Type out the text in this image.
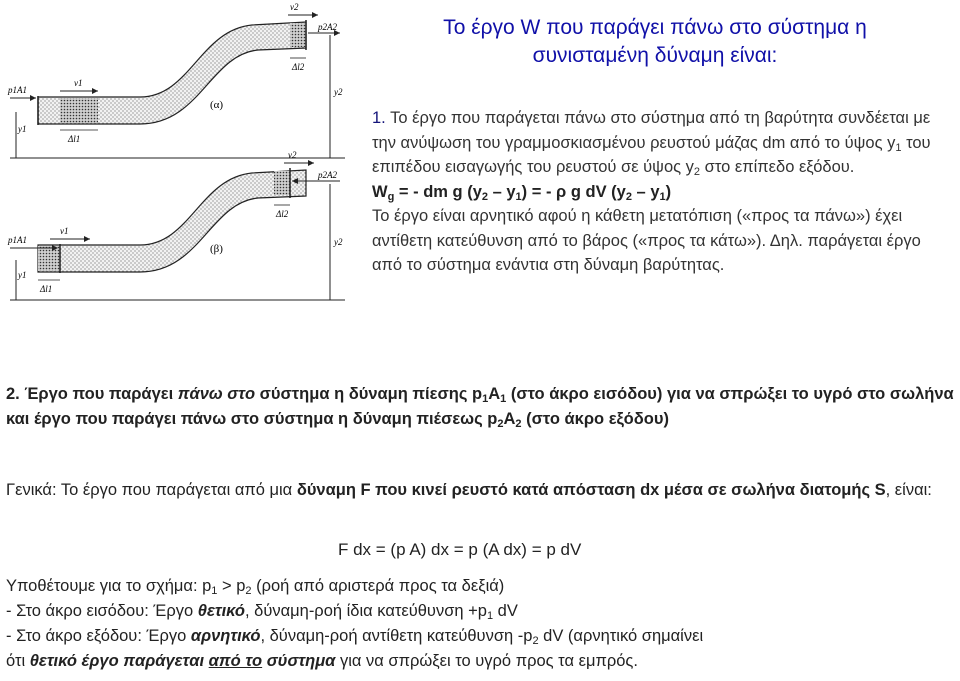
(α)
v1
v2
p1A1
p2A2
y1
y2
Δl1
Δl2
(β)
v1
v2
p1A1
p2A2
y1
y2
Δl1
Δl2
Το έργο W που παράγει πάνω στο σύστημα η
συνισταμένη δύναμη είναι:

1. Το έργο που παράγεται πάνω στο σύστημα από τη βαρύτητα συνδέεται με την ανύψωση του γραμμοσκιασμένου ρευστού μάζας dm από το ύψος $y_1$ του επιπέδου εισαγωγής του ρευστού σε ύψος $y_2$ στο επίπεδο εξόδου.

$W_g$ = - dm g $(y_2 - y_1)$ = - ρ g dV $(y_2 - y_1)$

Το έργο είναι αρνητικό αφού η κάθετη μετατόπιση («προς τα πάνω») έχει αντίθετη κατεύθυνση από το βάρος («προς τα κάτω»). Δηλ. παράγεται έργο από το σύστημα ενάντια στη δύναμη βαρύτητας.

2. Έργο που παράγει πάνω στο σύστημα η δύναμη πίεσης $p_1A_1$ (στο άκρο εισόδου) για να σπρώξει το υγρό στο σωλήνα και έργο που παράγει πάνω στο σύστημα η δύναμη πιέσεως $p_2A_2$ (στο άκρο εξόδου)

Γενικά: Το έργο που παράγεται από μια δύναμη F που κινεί ρευστό κατά απόσταση dx μέσα σε σωλήνα διατομής S, είναι:
F dx = (p A) dx = p (A dx) = p dV

Υποθέτουμε για το σχήμα: $p_1 > p_2$ (ροή από αριστερά προς τα δεξιά)

- Στο άκρο εισόδου: Έργο θετικό, δύναμη-ροή ίδια $\kappa\alpha\tau\varepsilon ύ\theta\upsilon\nu\sigma\eta +p_1$ dV

- Στο άκρο εξόδου: Έργο αρνητικό, δύναμη-ροή αντίθετη κατεύθυνση $-p_2$ dV (αρνητικό σημαίνει

ότι θετικό έργο παράγεται από το σύστημα για να σπρώξει το υγρό προς τα εμπρός.
